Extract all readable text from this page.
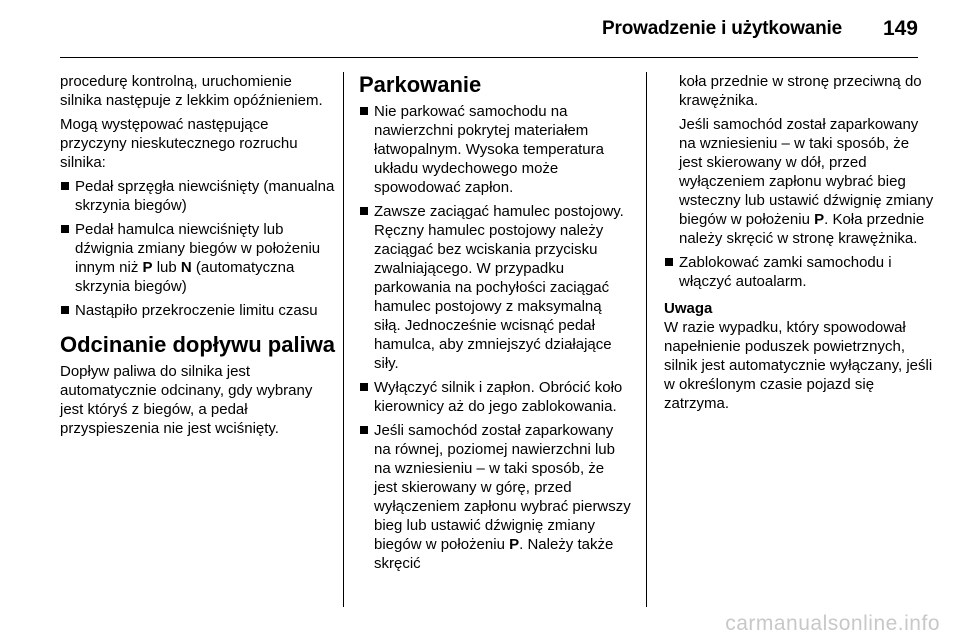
Prowadzenie i użytkowanie 149

procedurę kontrolną, uruchomienie silnika następuje z lekkim opóźnieniem.

Mogą występować następujące przyczyny nieskutecznego rozruchu silnika:

Pedał sprzęgła niewciśnięty (manualna skrzynia biegów)
Pedał hamulca niewciśnięty lub dźwignia zmiany biegów w położeniu innym niż P lub N (automatyczna skrzynia biegów)
Nastąpiło przekroczenie limitu czasu
Odcinanie dopływu paliwa

Dopływ paliwa do silnika jest automatycznie odcinany, gdy wybrany jest któryś z biegów, a pedał przyspieszenia nie jest wciśnięty.

Parkowanie
Nie parkować samochodu na nawierzchni pokrytej materiałem łatwopalnym. Wysoka temperatura układu wydechowego może spowodować zapłon.
Zawsze zaciągać hamulec postojowy. Ręczny hamulec postojowy należy zaciągać bez wciskania przycisku zwalniającego. W przypadku parkowania na pochyłości zaciągać hamulec postojowy z maksymalną siłą. Jednocześnie wcisnąć pedał hamulca, aby zmniejszyć działające siły.
Wyłączyć silnik i zapłon. Obrócić koło kierownicy aż do jego zablokowania.
Jeśli samochód został zaparkowany na równej, poziomej nawierzchni lub na wzniesieniu – w taki sposób, że jest skierowany w górę, przed wyłączeniem zapłonu wybrać pierwszy bieg lub ustawić dźwignię zmiany biegów w położeniu P. Należy także skręcić

koła przednie w stronę przeciwną do krawężnika.

Jeśli samochód został zaparkowany na wzniesieniu – w taki sposób, że jest skierowany w dół, przed wyłączeniem zapłonu wybrać bieg wsteczny lub ustawić dźwignię zmiany biegów w położeniu P. Koła przednie należy skręcić w stronę krawężnika.

Zablokować zamki samochodu i włączyć autoalarm.

Uwaga

W razie wypadku, który spowodował napełnienie poduszek powietrznych, silnik jest automatycznie wyłączany, jeśli w określonym czasie pojazd się zatrzyma.

carmanualsonline.info
